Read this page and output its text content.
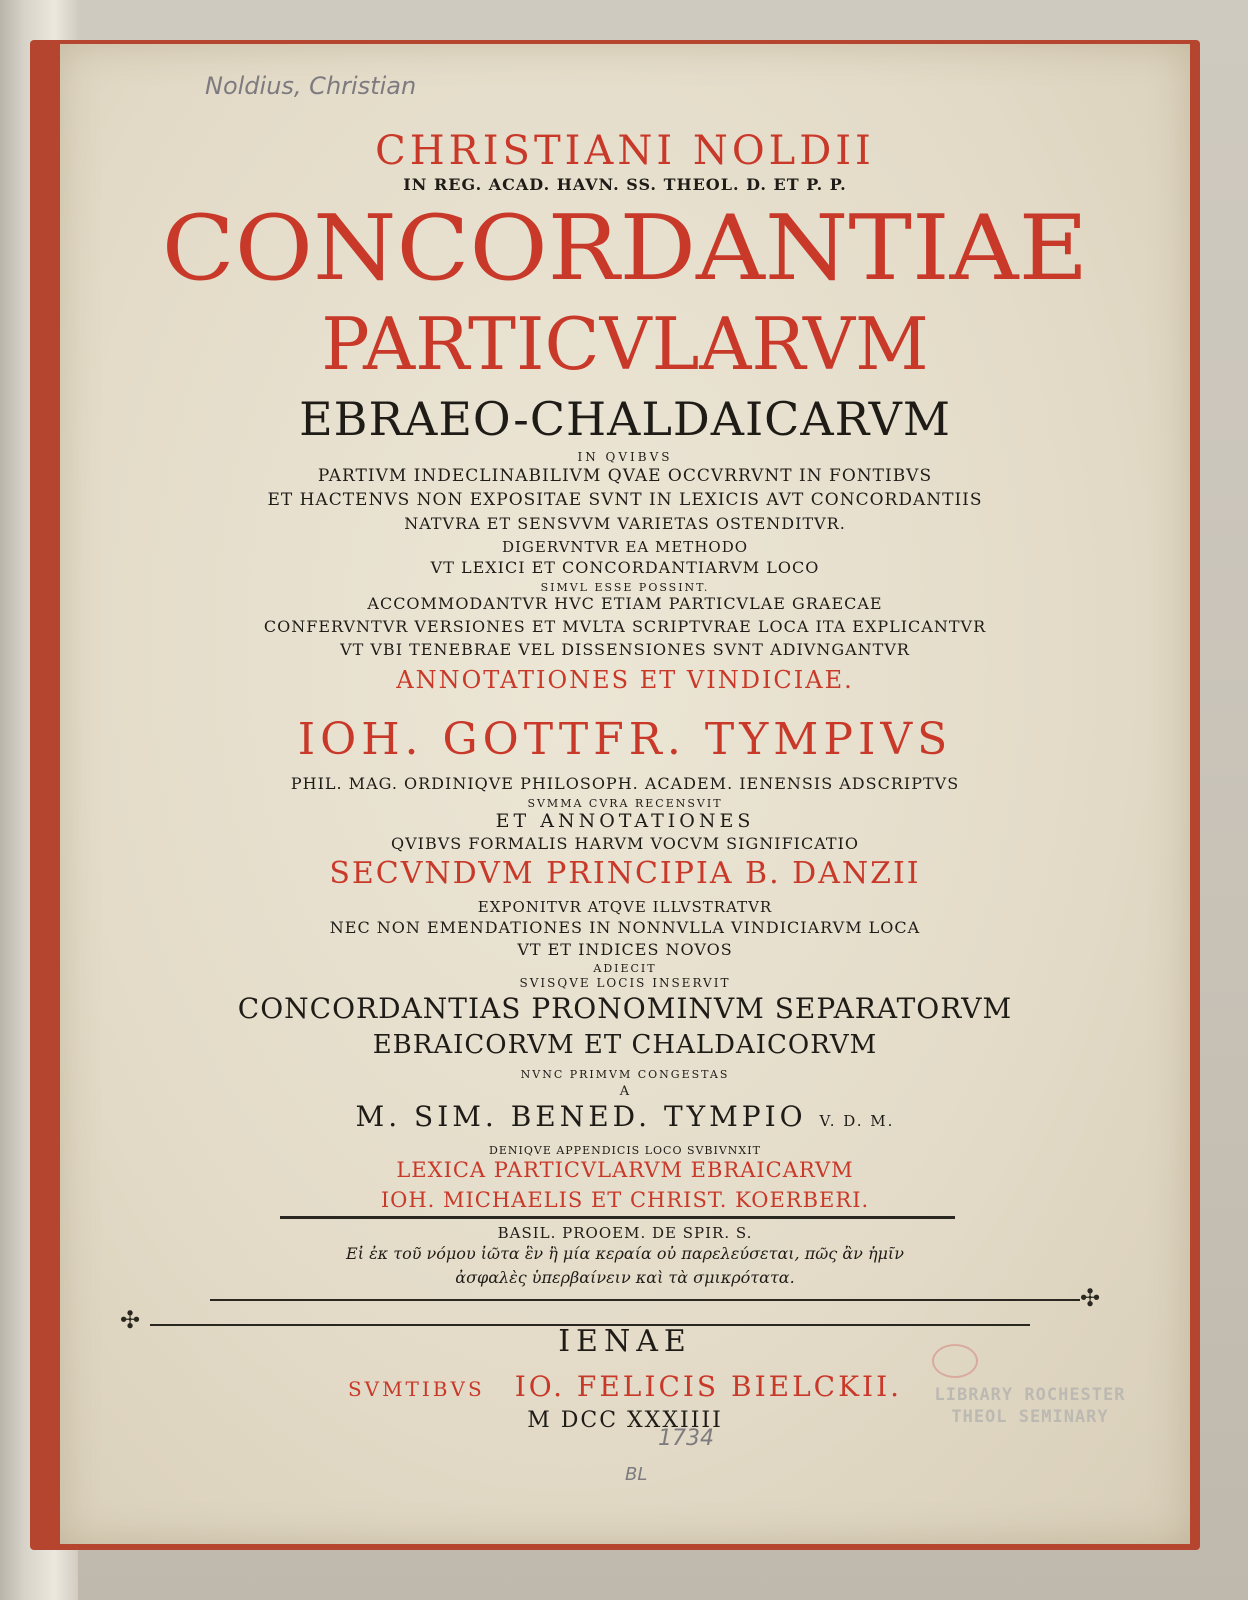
Noldius, Christian
CHRISTIANI NOLDII
IN REG. ACAD. HAVN. SS. THEOL. D. ET P. P.
CONCORDANTIAE
PARTICVLARVM
EBRAEO-CHALDAICARVM
IN QVIBVS
PARTIVM INDECLINABILIVM QVAE OCCVRRVNT IN FONTIBVS
ET HACTENVS NON EXPOSITAE SVNT IN LEXICIS AVT CONCORDANTIIS
NATVRA ET SENSVVM VARIETAS OSTENDITVR.
DIGERVNTVR EA METHODO
VT LEXICI ET CONCORDANTIARVM LOCO
SIMVL ESSE POSSINT.
ACCOMMODANTVR HVC ETIAM PARTICVLAE GRAECAE
CONFERVNTVR VERSIONES ET MVLTA SCRIPTVRAE LOCA ITA EXPLICANTVR
VT VBI TENEBRAE VEL DISSENSIONES SVNT ADIVNGANTVR
ANNOTATIONES ET VINDICIAE.
IOH. GOTTFR. TYMPIVS
PHIL. MAG. ORDINIQVE PHILOSOPH. ACADEM. IENENSIS ADSCRIPTVS
SVMMA CVRA RECENSVIT
ET ANNOTATIONES
QVIBVS FORMALIS HARVM VOCVM SIGNIFICATIO
SECVNDVM PRINCIPIA B. DANZII
EXPONITVR ATQVE ILLVSTRATVR
NEC NON EMENDATIONES IN NONNVLLA VINDICIARVM LOCA
VT ET INDICES NOVOS
ADIECIT
SVISQVE LOCIS INSERVIT
CONCORDANTIAS PRONOMINVM SEPARATORVM
EBRAICORVM ET CHALDAICORVM
NVNC PRIMVM CONGESTAS
A
M. SIM. BENED. TYMPIO V. D. M.
DENIQVE APPENDICIS LOCO SVBIVNXIT
LEXICA PARTICVLARVM EBRAICARVM
IOH. MICHAELIS ET CHRIST. KOERBERI.
BASIL. PROOEM. DE SPIR. S.
Εἰ ἐκ τοῦ νόμου ἰῶτα ἓν ἢ μία κεραία οὐ παρελεύσεται, πῶς ἂν ἡμῖν
ἀσφαλὲς ὑπερβαίνειν καὶ τὰ σμικρότατα.
✣
✣
IENAE
SVMTIBVS IO. FELICIS BIELCKII.
M DCC XXXIIII
LIBRARY ROCHESTER
THEOL SEMINARY
1734
BL
